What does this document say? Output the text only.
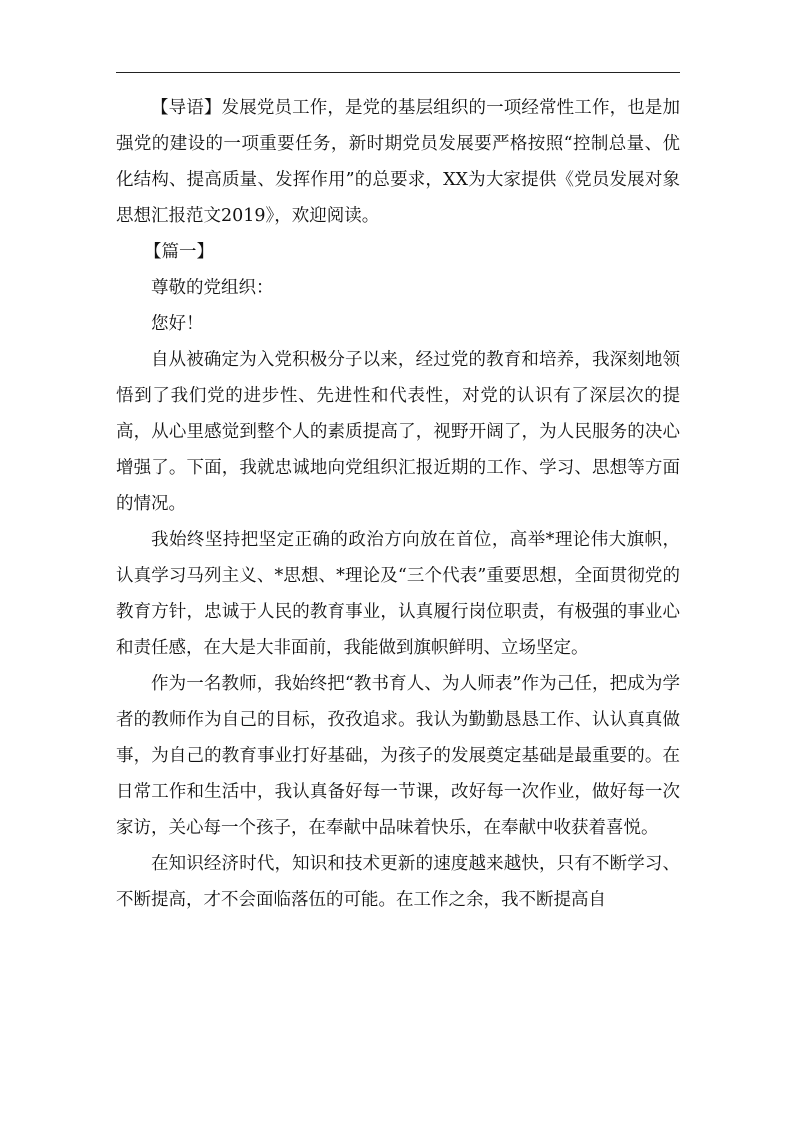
【导语】发展党员工作，是党的基层组织的一项经常性工作，也是加强党的建设的一项重要任务，新时期党员发展要严格按照“控制总量、优化结构、提高质量、发挥作用”的总要求，XX为大家提供《党员发展对象思想汇报范文2019》，欢迎阅读。

【篇一】

尊敬的党组织：

您好！

自从被确定为入党积极分子以来，经过党的教育和培养，我深刻地领悟到了我们党的进步性、先进性和代表性，对党的认识有了深层次的提高，从心里感觉到整个人的素质提高了，视野开阔了，为人民服务的决心增强了。下面，我就忠诚地向党组织汇报近期的工作、学习、思想等方面的情况。

我始终坚持把坚定正确的政治方向放在首位，高举*理论伟大旗帜，认真学习马列主义、*思想、*理论及“三个代表”重要思想，全面贯彻党的教育方针，忠诚于人民的教育事业，认真履行岗位职责，有极强的事业心和责任感，在大是大非面前，我能做到旗帜鲜明、立场坚定。

作为一名教师，我始终把“教书育人、为人师表”作为己任，把成为学者的教师作为自己的目标，孜孜追求。我认为勤勤恳恳工作、认认真真做事，为自己的教育事业打好基础，为孩子的发展奠定基础是最重要的。在日常工作和生活中，我认真备好每一节课，改好每一次作业，做好每一次家访，关心每一个孩子，在奉献中品味着快乐，在奉献中收获着喜悦。

在知识经济时代，知识和技术更新的速度越来越快，只有不断学习、不断提高，才不会面临落伍的可能。在工作之余，我不断提高自
